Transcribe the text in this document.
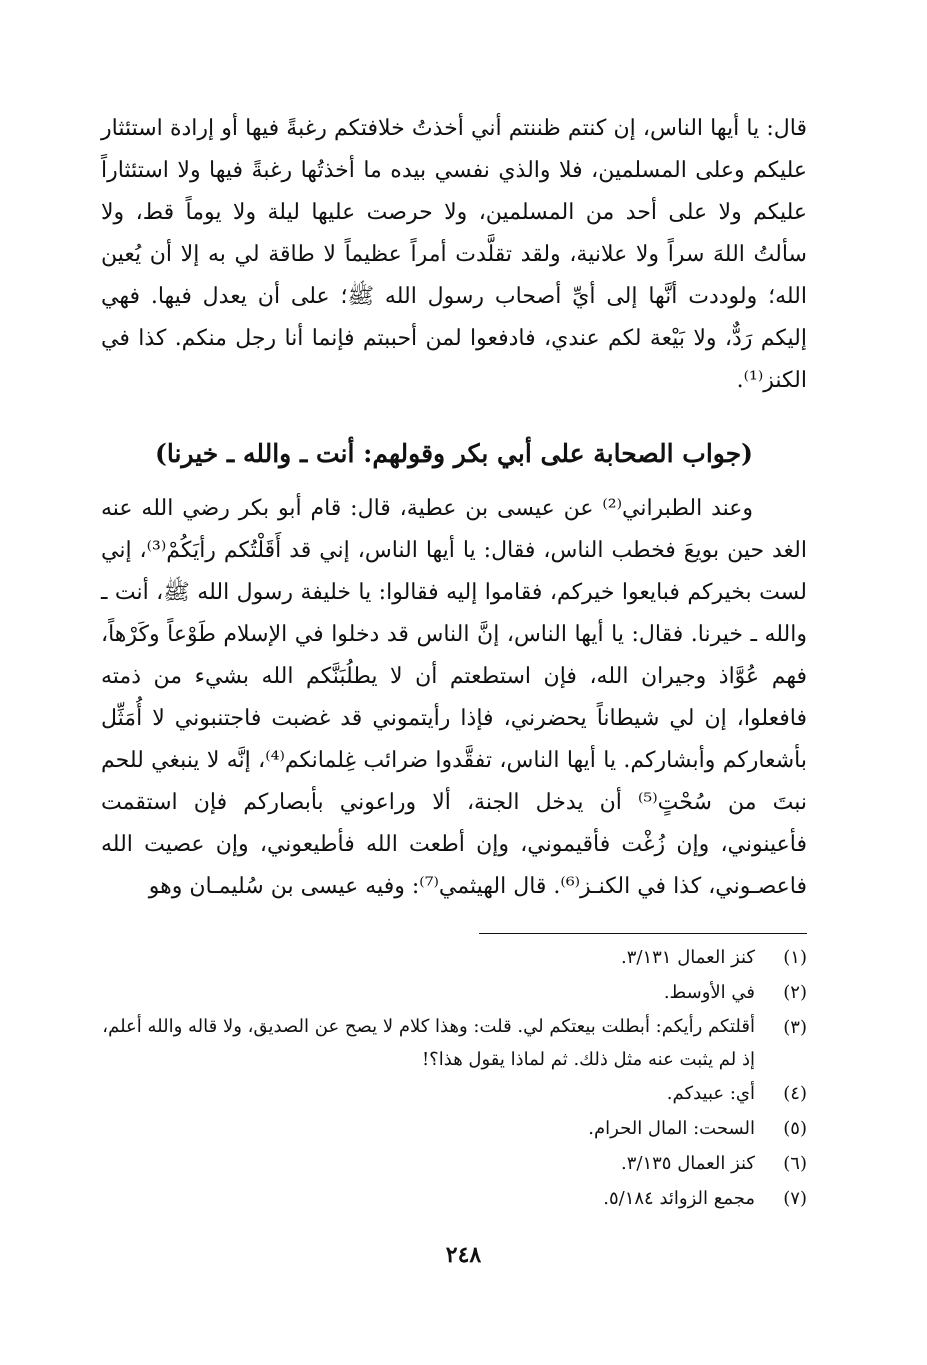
قال: يا أيها الناس، إن كنتم ظننتم أني أخذتُ خلافتكم رغبةً فيها أو إرادة استئثار عليكم وعلى المسلمين، فلا والذي نفسي بيده ما أخذتُها رغبةً فيها ولا استئثاراً عليكم ولا على أحد من المسلمين، ولا حرصت عليها ليلة ولا يوماً قط، ولا سألتُ اللهَ سراً ولا علانية، ولقد تقلَّدت أمراً عظيماً لا طاقة لي به إلا أن يُعين الله؛ ولوددت أنَّها إلى أيِّ أصحاب رسول الله ﷺ؛ على أن يعدل فيها. فهي إليكم رَدٌّ، ولا بَيْعة لكم عندي، فادفعوا لمن أحببتم فإنما أنا رجل منكم. كذا في الكنز⁽¹⁾.

(جواب الصحابة على أبي بكر وقولهم: أنت ـ والله ـ خيرنا)

وعند الطبراني⁽²⁾ عن عيسى بن عطية، قال: قام أبو بكر رضي الله عنه الغد حين بويعَ فخطب الناس، فقال: يا أيها الناس، إني قد أَقَلْتُكم رأيَكُمْ⁽³⁾، إني لست بخيركم فبايعوا خيركم، فقاموا إليه فقالوا: يا خليفة رسول الله ﷺ، أنت ـ والله ـ خيرنا. فقال: يا أيها الناس، إنَّ الناس قد دخلوا في الإسلام طَوْعاً وكَرْهاً، فهم عُوَّاذ وجيران الله، فإن استطعتم أن لا يطلُبَنَّكم الله بشيء من ذمته فافعلوا، إن لي شيطاناً يحضرني، فإذا رأيتموني قد غضبت فاجتنبوني لا أُمَثِّل بأشعاركم وأبشاركم. يا أيها الناس، تفقَّدوا ضرائب غِلمانكم⁽⁴⁾، إنَّه لا ينبغي للحم نبتَ من سُحْتٍ⁽⁵⁾ أن يدخل الجنة، ألا وراعوني بأبصاركم فإن استقمت فأعينوني، وإن زُغْت فأقيموني، وإن أطعت الله فأطيعوني، وإن عصيت الله فاعصـوني، كذا في الكنـز⁽⁶⁾. قال الهيثمي⁽⁷⁾: وفيه عيسى بن سُليمـان وهو

(١)
كنز العمال ٣/١٣١.
(٢)
في الأوسط.
(٣)
أقلتكم رأيكم: أبطلت بيعتكم لي. قلت: وهذا كلام لا يصح عن الصديق، ولا قاله والله أعلم، إذ لم يثبت عنه مثل ذلك. ثم لماذا يقول هذا؟!
(٤)
أي: عبيدكم.
(٥)
السحت: المال الحرام.
(٦)
كنز العمال ٣/١٣٥.
(٧)
مجمع الزوائد ٥/١٨٤.
٢٤٨
